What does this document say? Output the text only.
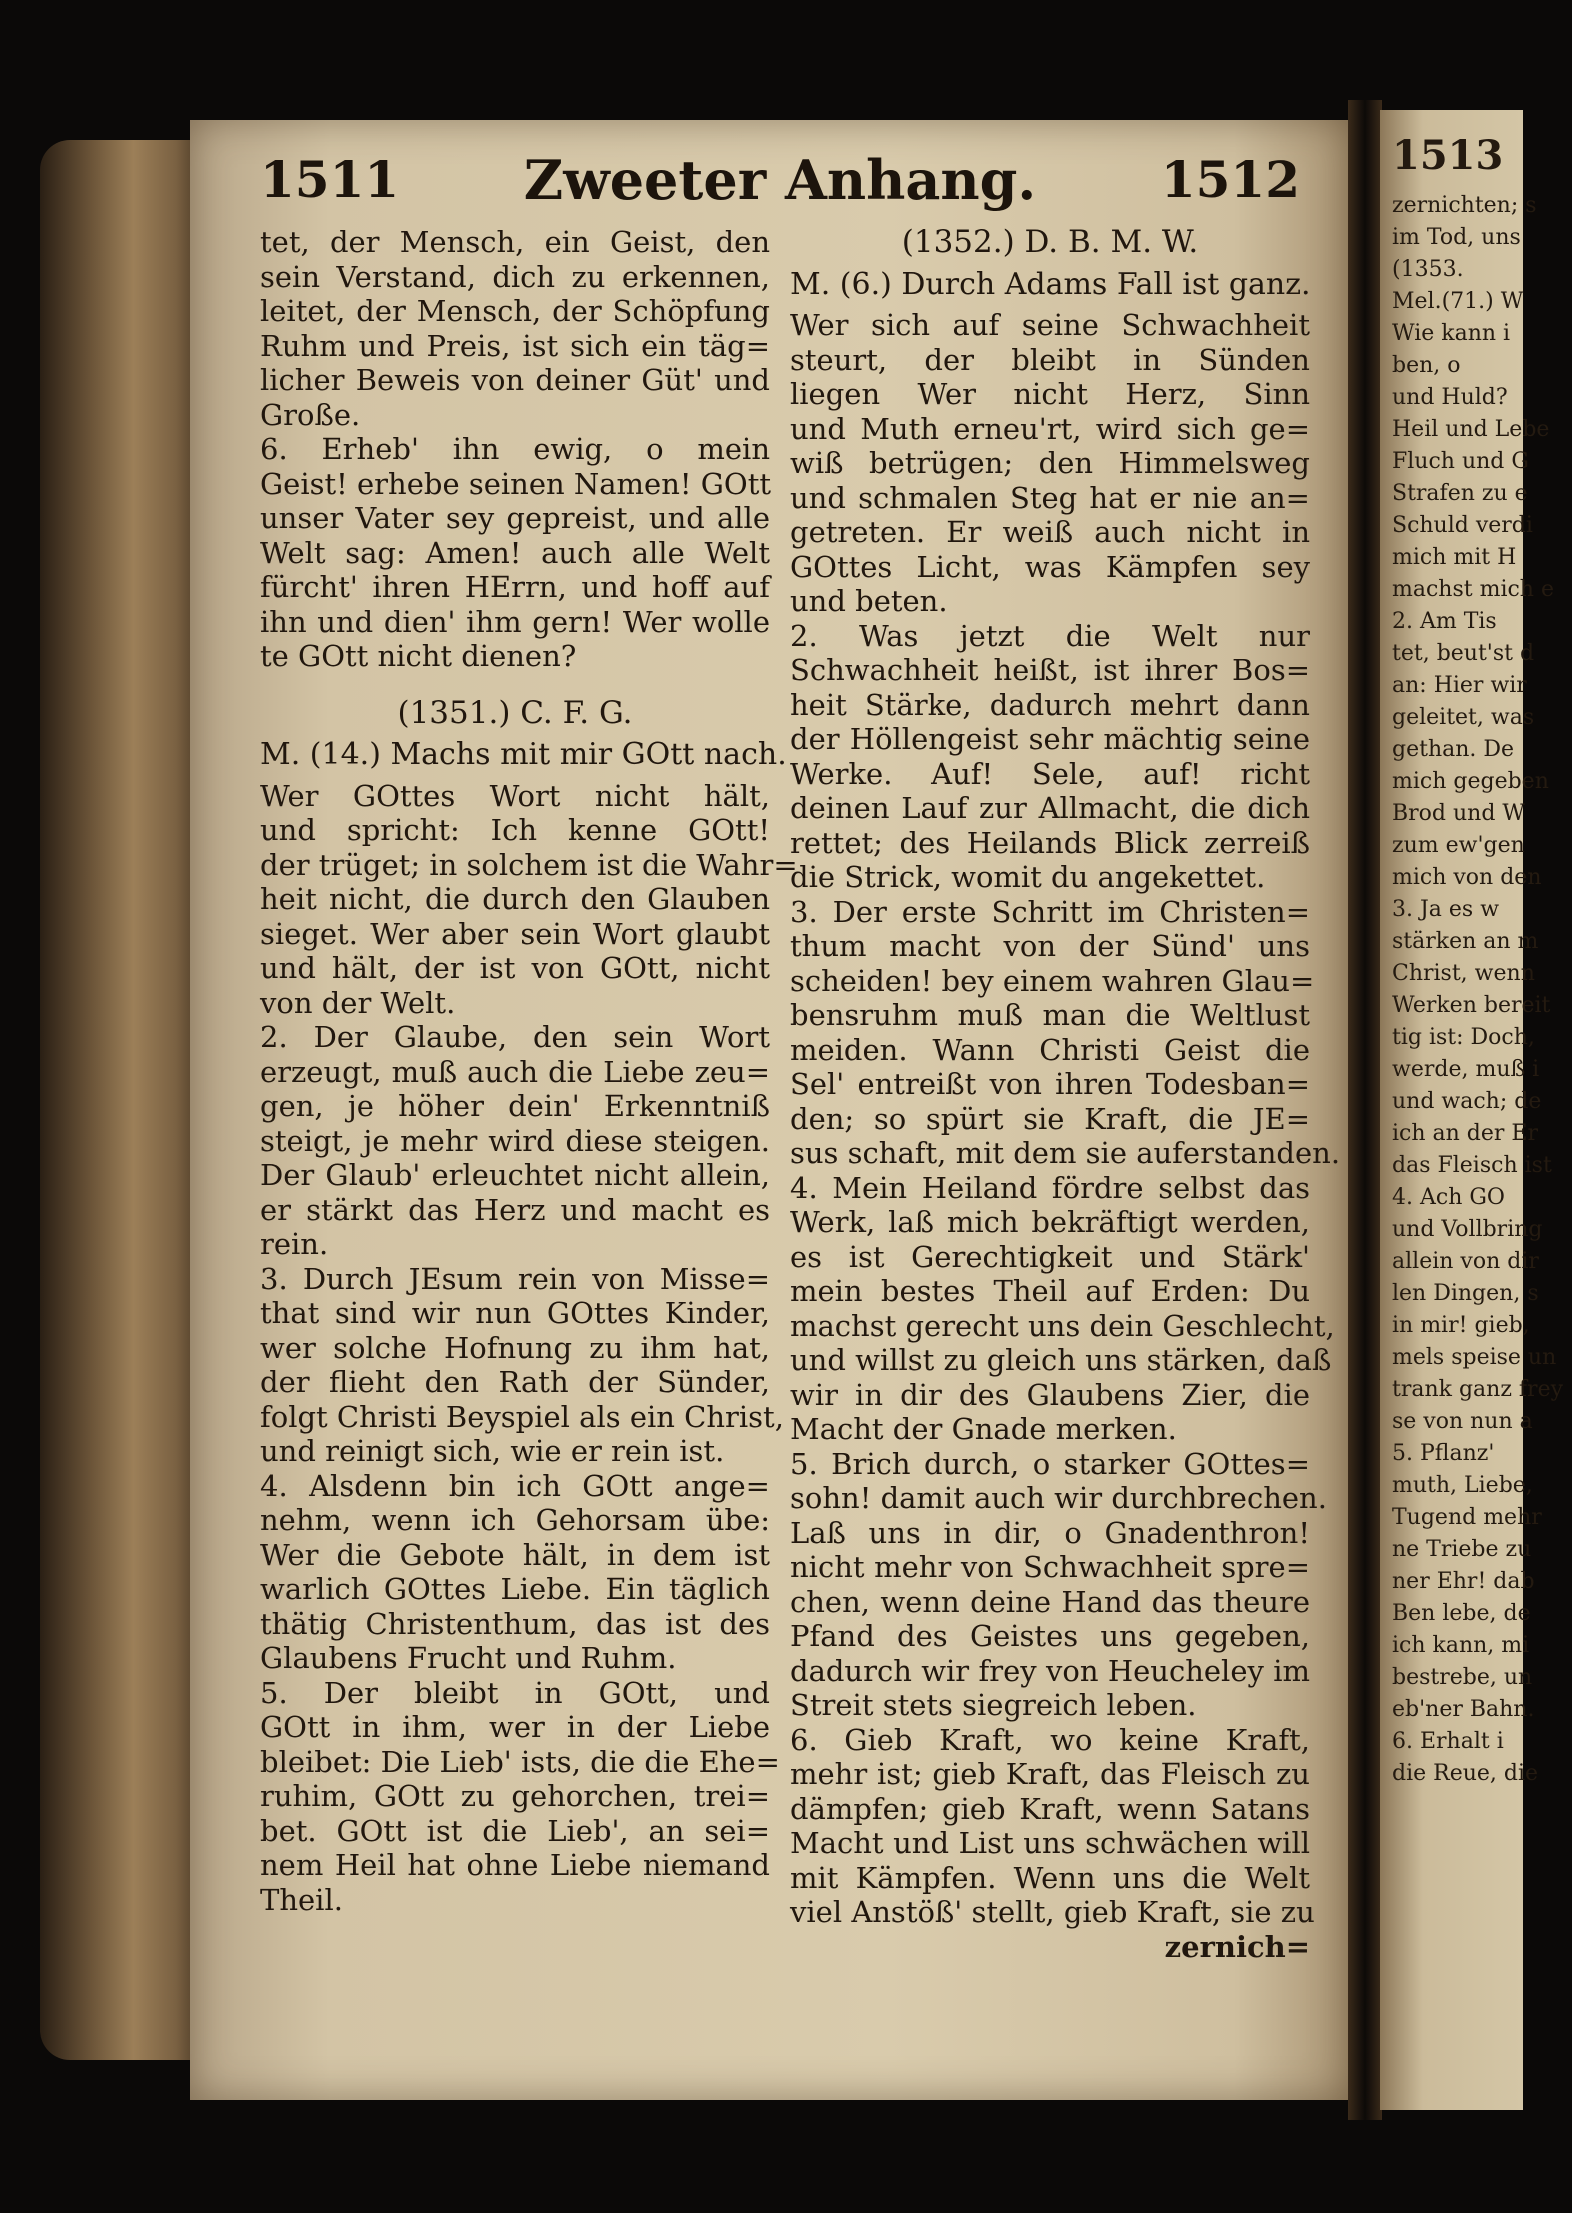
1511	Zweeter Anhang.	1512
tet, der Mensch, ein Geist, den
sein Verstand, dich zu erkennen,
leitet, der Mensch, der Schöpfung
Ruhm und Preis, ist sich ein täg=
licher Beweis von deiner Güt' und
Große.
6. Erheb' ihn ewig, o mein
Geist! erhebe seinen Namen! GOtt
unser Vater sey gepreist, und alle
Welt sag: Amen! auch alle Welt
fürcht' ihren HErrn, und hoff auf
ihn und dien' ihm gern! Wer wolle
te GOtt nicht dienen?
(1351.) C. F. G.
M. (14.) Machs mit mir GOtt nach.
Wer GOttes Wort nicht hält,
und spricht: Ich kenne GOtt!
der trüget; in solchem ist die Wahr=
heit nicht, die durch den Glauben
sieget. Wer aber sein Wort glaubt
und hält, der ist von GOtt, nicht
von der Welt.
2. Der Glaube, den sein Wort
erzeugt, muß auch die Liebe zeu=
gen, je höher dein' Erkenntniß
steigt, je mehr wird diese steigen.
Der Glaub' erleuchtet nicht allein,
er stärkt das Herz und macht es
rein.
3. Durch JEsum rein von Misse=
that sind wir nun GOttes Kinder,
wer solche Hofnung zu ihm hat,
der flieht den Rath der Sünder,
folgt Christi Beyspiel als ein Christ,
und reinigt sich, wie er rein ist.
4. Alsdenn bin ich GOtt ange=
nehm, wenn ich Gehorsam übe:
Wer die Gebote hält, in dem ist
warlich GOttes Liebe. Ein täglich
thätig Christenthum, das ist des
Glaubens Frucht und Ruhm.
5. Der bleibt in GOtt, und
GOtt in ihm, wer in der Liebe
bleibet: Die Lieb' ists, die die Ehe=
ruhim, GOtt zu gehorchen, trei=
bet. GOtt ist die Lieb', an sei=
nem Heil hat ohne Liebe niemand
Theil.
(1352.) D. B. M. W.
M. (6.) Durch Adams Fall ist ganz.
Wer sich auf seine Schwachheit
steurt, der bleibt in Sünden
liegen Wer nicht Herz, Sinn
und Muth erneu'rt, wird sich ge=
wiß betrügen; den Himmelsweg
und schmalen Steg hat er nie an=
getreten. Er weiß auch nicht in
GOttes Licht, was Kämpfen sey
und beten.
2. Was jetzt die Welt nur
Schwachheit heißt, ist ihrer Bos=
heit Stärke, dadurch mehrt dann
der Höllengeist sehr mächtig seine
Werke. Auf! Sele, auf! richt
deinen Lauf zur Allmacht, die dich
rettet; des Heilands Blick zerreiß
die Strick, womit du angekettet.
3. Der erste Schritt im Christen=
thum macht von der Sünd' uns
scheiden! bey einem wahren Glau=
bensruhm muß man die Weltlust
meiden. Wann Christi Geist die
Sel' entreißt von ihren Todesban=
den; so spürt sie Kraft, die JE=
sus schaft, mit dem sie auferstanden.
4. Mein Heiland fördre selbst das
Werk, laß mich bekräftigt werden,
es ist Gerechtigkeit und Stärk'
mein bestes Theil auf Erden: Du
machst gerecht uns dein Geschlecht,
und willst zu gleich uns stärken, daß
wir in dir des Glaubens Zier, die
Macht der Gnade merken.
5. Brich durch, o starker GOttes=
sohn! damit auch wir durchbrechen.
Laß uns in dir, o Gnadenthron!
nicht mehr von Schwachheit spre=
chen, wenn deine Hand das theure
Pfand des Geistes uns gegeben,
dadurch wir frey von Heucheley im
Streit stets siegreich leben.
6. Gieb Kraft, wo keine Kraft,
mehr ist; gieb Kraft, das Fleisch zu
dämpfen; gieb Kraft, wenn Satans
Macht und List uns schwächen will
mit Kämpfen. Wenn uns die Welt
viel Anstöß' stellt, gieb Kraft, sie zu
zernich=
1513
zernichten; s
im Tod, uns
(1353.
Mel.(71.) W
Wie kann i
ben, o
und Huld?
Heil und Lebe
Fluch und G
Strafen zu e
Schuld verdi
mich mit H
machst mich e
2. Am Tis
tet, beut'st d
an: Hier wir
geleitet, was
gethan. De
mich gegeben
Brod und W
zum ew'gen
mich von den
3. Ja es w
stärken an m
Christ, wenn
Werken bereit
tig ist: Doch,
werde, muß i
und wach; de
ich an der Er
das Fleisch ist
4. Ach GO
und Vollbring
allein von dir
len Dingen, s
in mir! gieb,
mels speise un
trank ganz frey
se von nun a
5. Pflanz'
muth, Liebe,
Tugend mehr
ne Triebe zu
ner Ehr! dab
Ben lebe, de
ich kann, mi
bestrebe, un
eb'ner Bahn.
6. Erhalt i
die Reue, die
